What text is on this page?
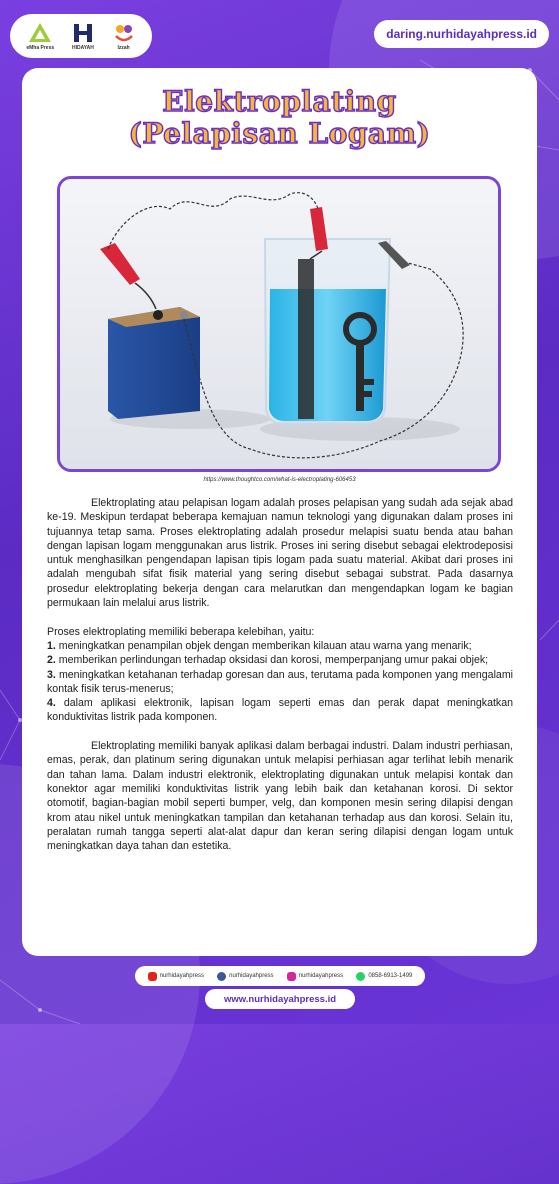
eMha Press	HIDAYAH	Izzah
daring.nurhidayahpress.id
Elektroplating
(Pelapisan Logam)
https://www.thoughtco.com/what-is-electroplating-606453

Elektroplating atau pelapisan logam adalah proses pelapisan yang sudah ada sejak abad ke-19. Meskipun terdapat beberapa kemajuan namun teknologi yang digunakan dalam proses ini tujuannya tetap sama. Proses elektroplating adalah prosedur melapisi suatu benda atau bahan dengan lapisan logam menggunakan arus listrik. Proses ini sering disebut sebagai elektrodeposisi untuk menghasilkan pengendapan lapisan tipis logam pada suatu material. Akibat dari proses ini adalah mengubah sifat fisik material yang sering disebut sebagai substrat. Pada dasarnya prosedur elektroplating bekerja dengan cara melarutkan dan mengendapkan logam ke bagian permukaan lain melalui arus listrik.

Proses elektroplating memiliki beberapa kelebihan, yaitu:

1. meningkatkan penampilan objek dengan memberikan kilauan atau warna yang menarik;

2. memberikan perlindungan terhadap oksidasi dan korosi, memperpanjang umur pakai objek;

3. meningkatkan ketahanan terhadap goresan dan aus, terutama pada komponen yang mengalami kontak fisik terus-menerus;

4. dalam aplikasi elektronik, lapisan logam seperti emas dan perak dapat meningkatkan konduktivitas listrik pada komponen.

Elektroplating memiliki banyak aplikasi dalam berbagai industri. Dalam industri perhiasan, emas, perak, dan platinum sering digunakan untuk melapisi perhiasan agar terlihat lebih menarik dan tahan lama. Dalam industri elektronik, elektroplating digunakan untuk melapisi kontak dan konektor agar memiliki konduktivitas listrik yang lebih baik dan ketahanan korosi. Di sektor otomotif, bagian-bagian mobil seperti bumper, velg, dan komponen mesin sering dilapisi dengan krom atau nikel untuk meningkatkan tampilan dan ketahanan terhadap aus dan korosi. Selain itu, peralatan rumah tangga seperti alat-alat dapur dan keran sering dilapisi dengan logam untuk meningkatkan daya tahan dan estetika.

nurhidayahpress	nurhidayahpress	nurhidayahpress	0858-6913-1499
www.nurhidayahpress.id
